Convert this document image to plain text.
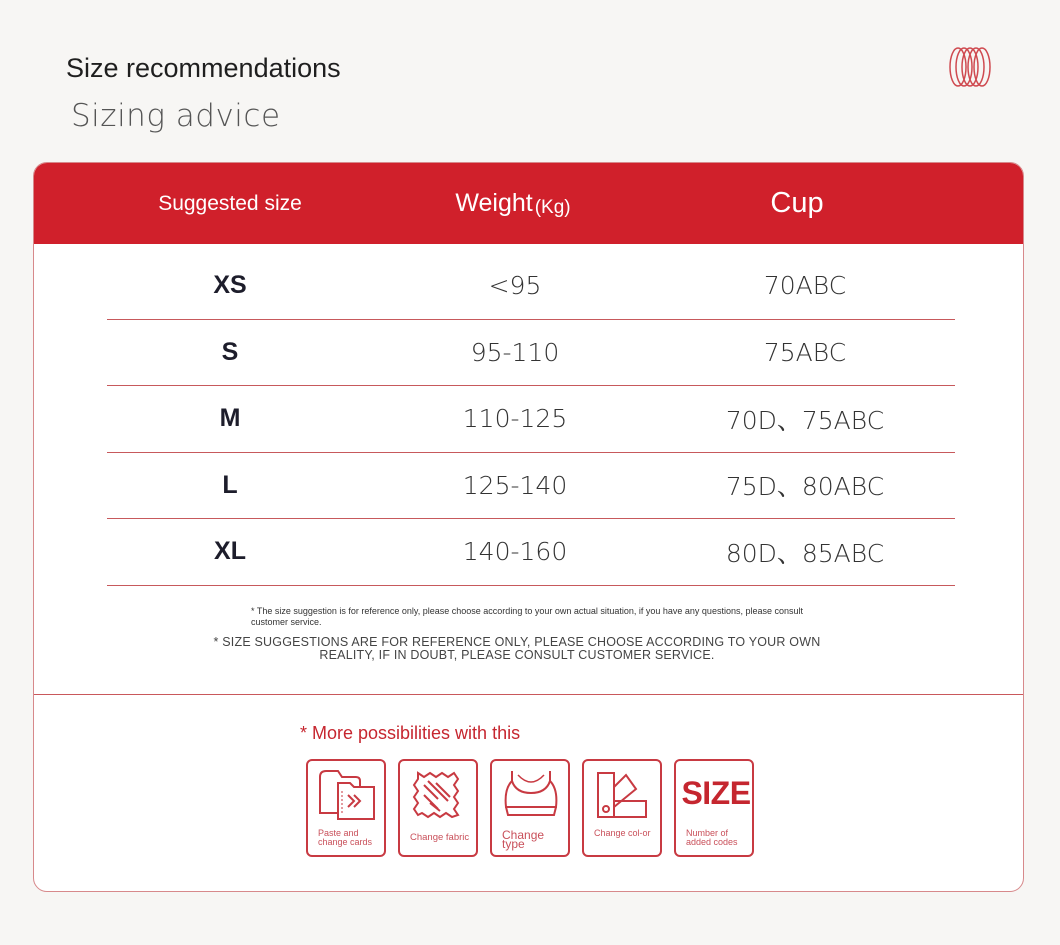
Size recommendations
Sizing advice
Suggested size	Weight (Kg)	Cup
XS	<95	70ABC
S	95-110	75ABC
M	110-125	70D、75ABC
L	125-140	75D、80ABC
XL	140-160	80D、85ABC
* The size suggestion is for reference only, please choose according to your own actual situation, if you have any questions, please consult customer service.
* SIZE SUGGESTIONS ARE FOR REFERENCE ONLY, PLEASE CHOOSE ACCORDING TO YOUR OWN REALITY, IF IN DOUBT, PLEASE CONSULT CUSTOMER SERVICE.
* More possibilities with this
Paste and change cards	Change fabric	Change type
Change col-or
SIZE
Number of added codes
